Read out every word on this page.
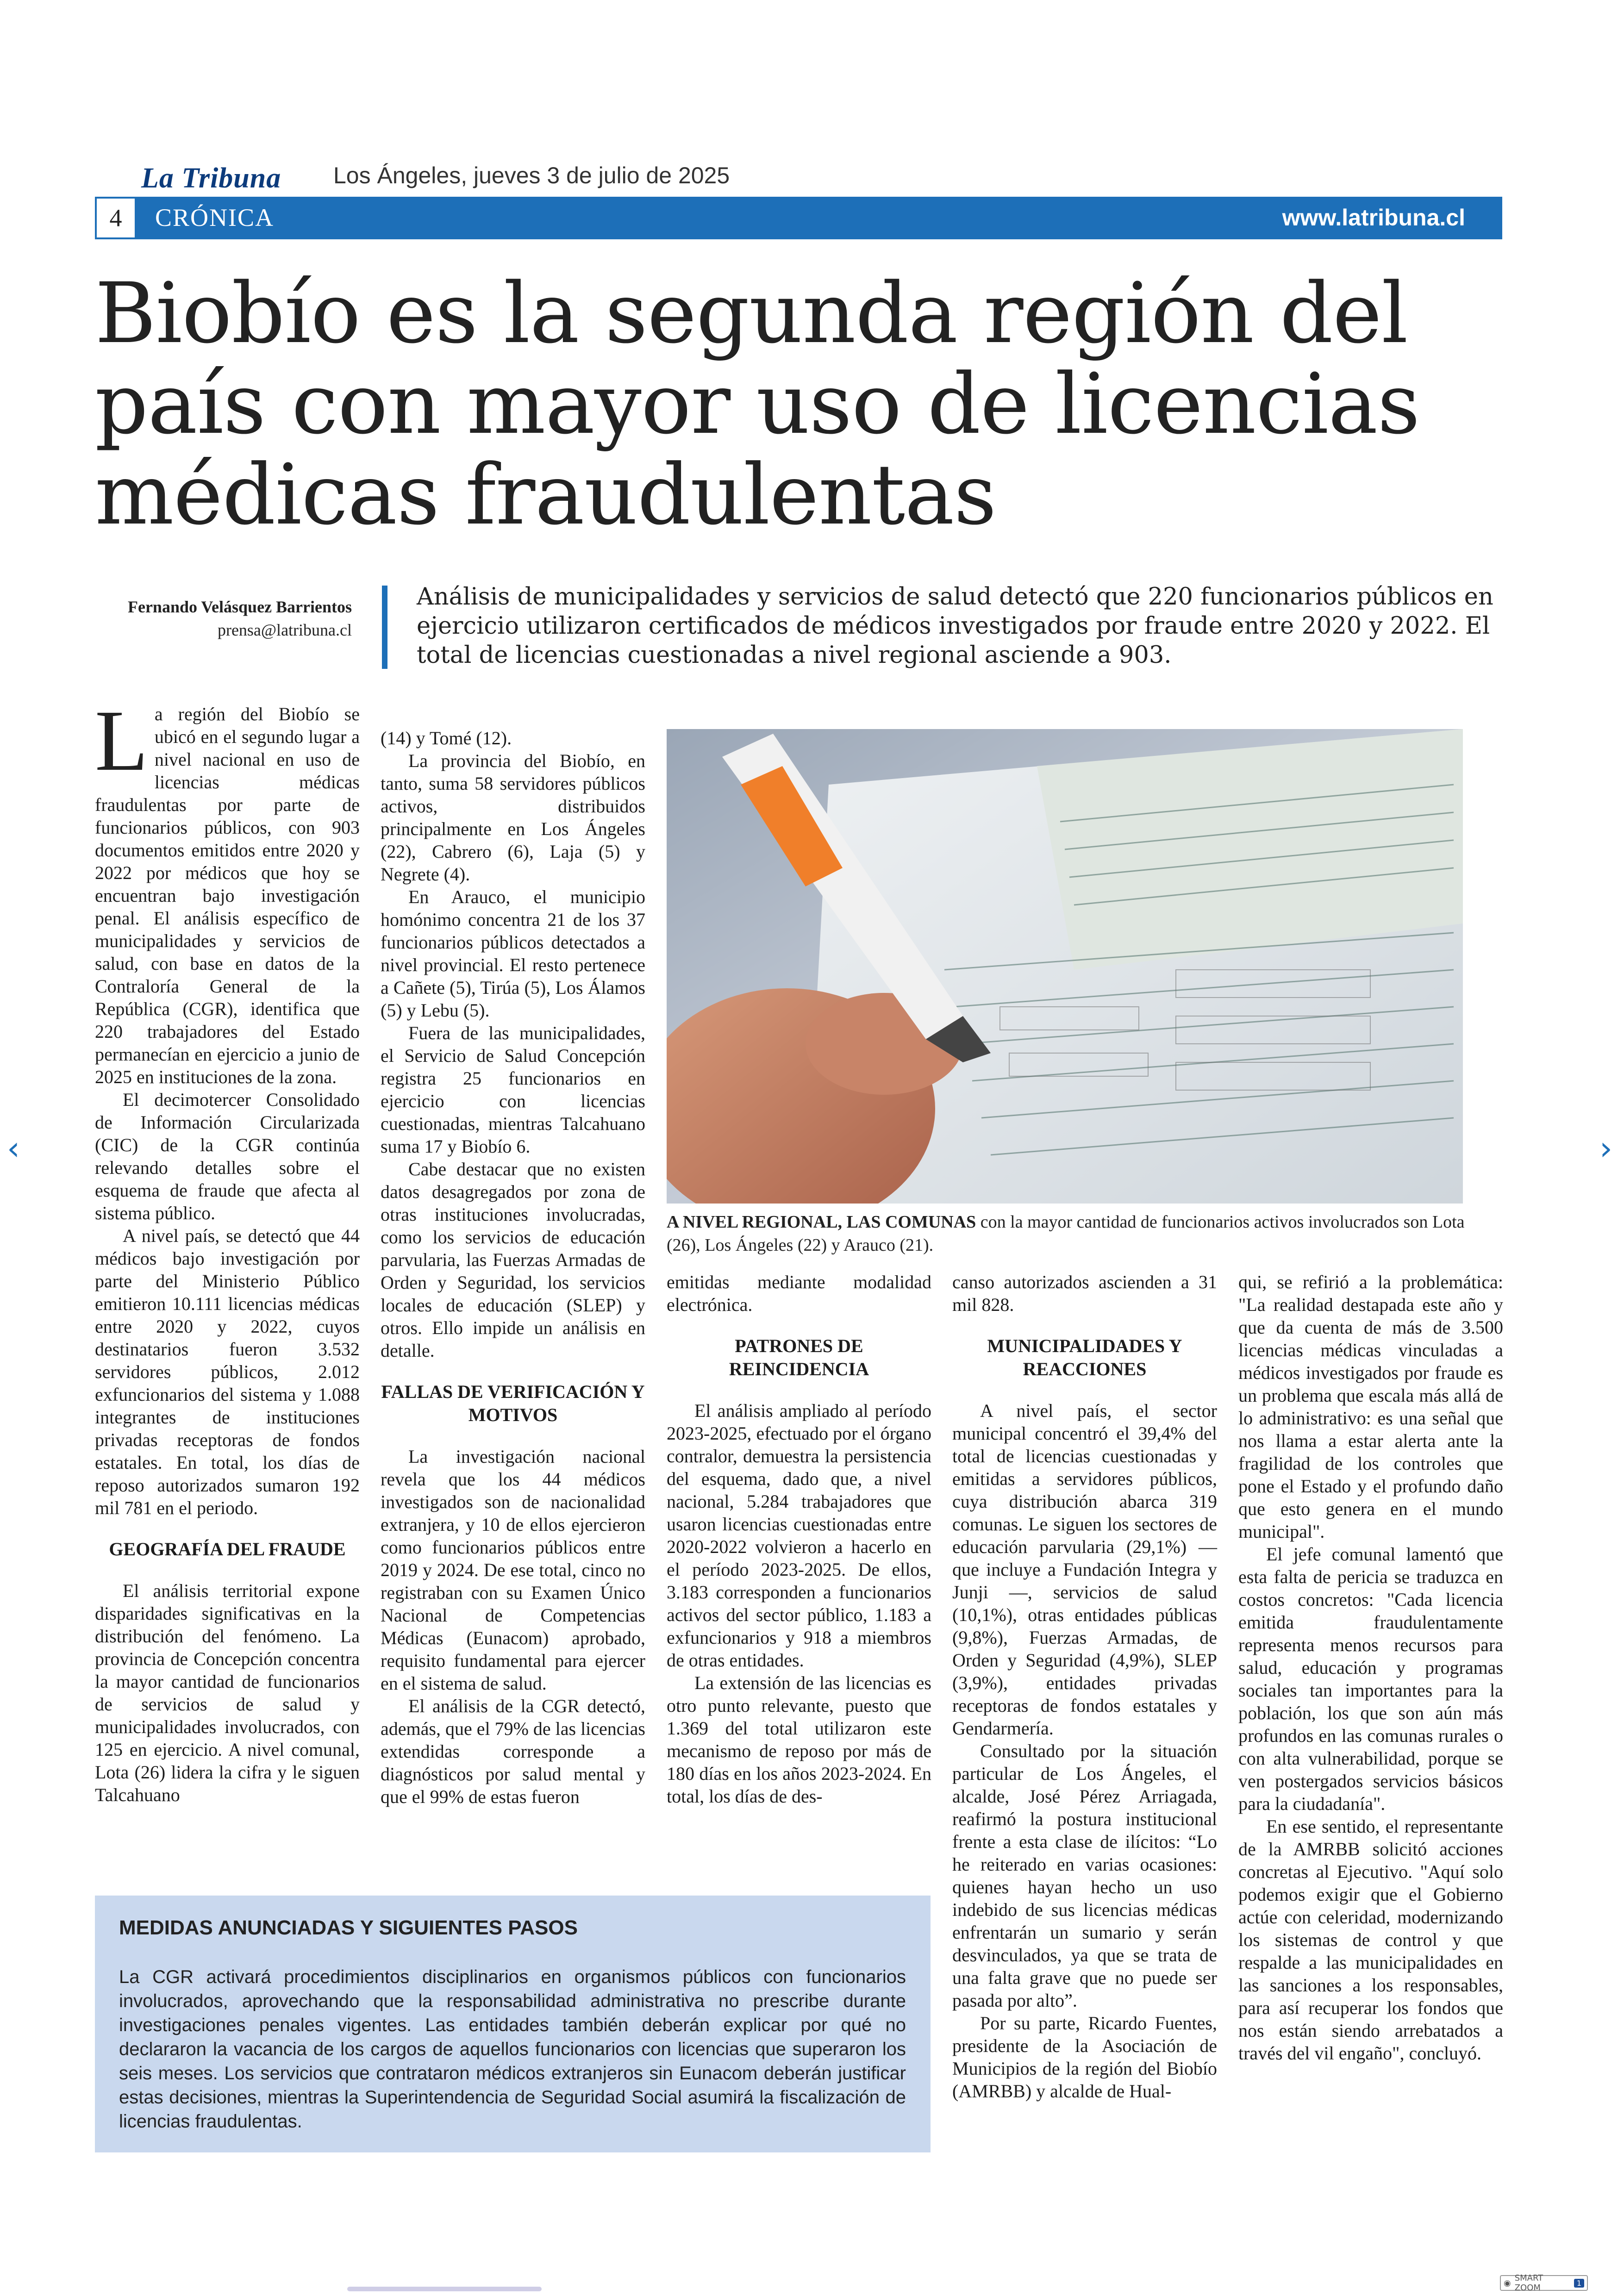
La Tribuna Los Ángeles, jueves 3 de julio de 2025
4	CRÓNICA	www.latribuna.cl
Biobío es la segunda región del país con mayor uso de licencias médicas fraudulentas
Fernando Velásquez Barrientos
prensa@latribuna.cl
Análisis de municipalidades y servicios de salud detectó que 220 funcionarios públicos en ejercicio utilizaron certificados de médicos investigados por fraude entre 2020 y 2022. El total de licencias cuestionadas a nivel regional asciende a 903.

La región del Biobío se ubicó en el segundo lugar a nivel nacional en uso de licencias médicas fraudulentas por parte de funcionarios públicos, con 903 documentos emitidos entre 2020 y 2022 por médicos que hoy se encuentran bajo investigación penal. El análisis específico de municipalidades y servicios de salud, con base en datos de la Contraloría General de la República (CGR), identifica que 220 trabajadores del Estado permanecían en ejercicio a junio de 2025 en instituciones de la zona.

El decimotercer Consolidado de Información Circularizada (CIC) de la CGR continúa relevando detalles sobre el esquema de fraude que afecta al sistema público.

A nivel país, se detectó que 44 médicos bajo investigación por parte del Ministerio Público emitieron 10.111 licencias médicas entre 2020 y 2022, cuyos destinatarios fueron 3.532 servidores públicos, 2.012 exfuncionarios del sistema y 1.088 integrantes de instituciones privadas receptoras de fondos estatales. En total, los días de reposo autorizados sumaron 192 mil 781 en el periodo.

GEOGRAFÍA DEL FRAUDE

El análisis territorial expone disparidades significativas en la distribución del fenómeno. La provincia de Concepción concentra la mayor cantidad de funcionarios de servicios de salud y municipalidades involucrados, con 125 en ejercicio. A nivel comunal, Lota (26) lidera la cifra y le siguen Talcahuano

(14) y Tomé (12).

La provincia del Biobío, en tanto, suma 58 servidores públicos activos, distribuidos principalmente en Los Ángeles (22), Cabrero (6), Laja (5) y Negrete (4).

En Arauco, el municipio homónimo concentra 21 de los 37 funcionarios públicos detectados a nivel provincial. El resto pertenece a Cañete (5), Tirúa (5), Los Álamos (5) y Lebu (5).

Fuera de las municipalidades, el Servicio de Salud Concepción registra 25 funcionarios en ejercicio con licencias cuestionadas, mientras Talcahuano suma 17 y Biobío 6.

Cabe destacar que no existen datos desagregados por zona de otras instituciones involucradas, como los servicios de educación parvularia, las Fuerzas Armadas de Orden y Seguridad, los servicios locales de educación (SLEP) y otros. Ello impide un análisis en detalle.

FALLAS DE VERIFICACIÓN Y MOTIVOS

La investigación nacional revela que los 44 médicos investigados son de nacionalidad extranjera, y 10 de ellos ejercieron como funcionarios públicos entre 2019 y 2024. De ese total, cinco no registraban con su Examen Único Nacional de Competencias Médicas (Eunacom) aprobado, requisito fundamental para ejercer en el sistema de salud.

El análisis de la CGR detectó, además, que el 79% de las licencias extendidas corresponde a diagnósticos por salud mental y que el 99% de estas fueron

A NIVEL REGIONAL, LAS COMUNAS con la mayor cantidad de funcionarios activos involucrados son Lota (26), Los Ángeles (22) y Arauco (21).

emitidas mediante modalidad electrónica.

PATRONES DE REINCIDENCIA

El análisis ampliado al período 2023-2025, efectuado por el órgano contralor, demuestra la persistencia del esquema, dado que, a nivel nacional, 5.284 trabajadores que usaron licencias cuestionadas entre 2020-2022 volvieron a hacerlo en el período 2023-2025. De ellos, 3.183 corresponden a funcionarios activos del sector público, 1.183 a exfuncionarios y 918 a miembros de otras entidades.

La extensión de las licencias es otro punto relevante, puesto que 1.369 del total utilizaron este mecanismo de reposo por más de 180 días en los años 2023-2024. En total, los días de des-

canso autorizados ascienden a 31 mil 828.

MUNICIPALIDADES Y REACCIONES

A nivel país, el sector municipal concentró el 39,4% del total de licencias cuestionadas y emitidas a servidores públicos, cuya distribución abarca 319 comunas. Le siguen los sectores de educación parvularia (29,1%) —que incluye a Fundación Integra y Junji —, servicios de salud (10,1%), otras entidades públicas (9,8%), Fuerzas Armadas, de Orden y Seguridad (4,9%), SLEP (3,9%), entidades privadas receptoras de fondos estatales y Gendarmería.

Consultado por la situación particular de Los Ángeles, el alcalde, José Pérez Arriagada, reafirmó la postura institucional frente a esta clase de ilícitos: “Lo he reiterado en varias ocasiones: quienes hayan hecho un uso indebido de sus licencias médicas enfrentarán un sumario y serán desvinculados, ya que se trata de una falta grave que no puede ser pasada por alto”.

Por su parte, Ricardo Fuentes, presidente de la Asociación de Municipios de la región del Biobío (AMRBB) y alcalde de Hual-

qui, se refirió a la problemática: "La realidad destapada este año y que da cuenta de más de 3.500 licencias médicas vinculadas a médicos investigados por fraude es un problema que escala más allá de lo administrativo: es una señal que nos llama a estar alerta ante la fragilidad de los controles que pone el Estado y el profundo daño que esto genera en el mundo municipal".

El jefe comunal lamentó que esta falta de pericia se traduzca en costos concretos: "Cada licencia emitida fraudulentamente representa menos recursos para salud, educación y programas sociales tan importantes para la población, los que son aún más profundos en las comunas rurales o con alta vulnerabilidad, porque se ven postergados servicios básicos para la ciudadanía".

En ese sentido, el representante de la AMRBB solicitó acciones concretas al Ejecutivo. "Aquí solo podemos exigir que el Gobierno actúe con celeridad, modernizando los sistemas de control y que respalde a las municipalidades en las sanciones a los responsables, para así recuperar los fondos que nos están siendo arrebatados a través del vil engaño", concluyó.

MEDIDAS ANUNCIADAS Y SIGUIENTES PASOS
La CGR activará procedimientos disciplinarios en organismos públicos con funcionarios involucrados, aprovechando que la responsabilidad administrativa no prescribe durante investigaciones penales vigentes. Las entidades también deberán explicar por qué no declararon la vacancia de los cargos de aquellos funcionarios con licencias que superaron los seis meses. Los servicios que contrataron médicos extranjeros sin Eunacom deberán justificar estas decisiones, mientras la Superintendencia de Seguridad Social asumirá la fiscalización de licencias fraudulentas.
‹	›
◉ SMART ZOOM	1
